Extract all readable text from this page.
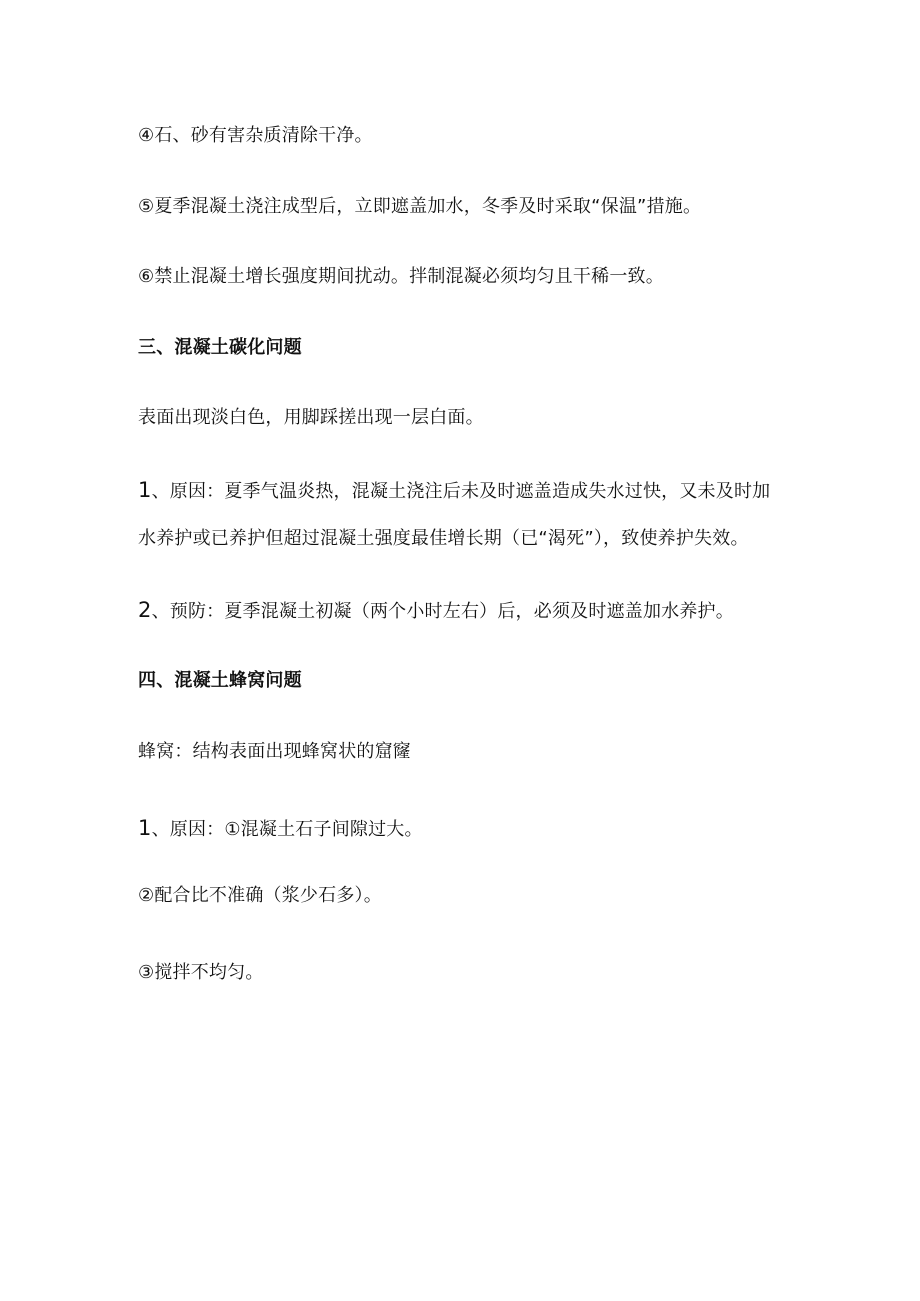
④石、砂有害杂质清除干净。

⑤夏季混凝土浇注成型后，立即遮盖加水，冬季及时采取“保温”措施。

⑥禁止混凝土增长强度期间扰动。拌制混凝必须均匀且干稀一致。

三、混凝土碳化问题

表面出现淡白色，用脚踩搓出现一层白面。

1、原因：夏季气温炎热，混凝土浇注后未及时遮盖造成失水过快，又未及时加

水养护或已养护但超过混凝土强度最佳增长期（已“渴死”），致使养护失效。

2、预防：夏季混凝土初凝（两个小时左右）后，必须及时遮盖加水养护。

四、混凝土蜂窝问题

蜂窝：结构表面出现蜂窝状的窟窿

1、原因：①混凝土石子间隙过大。

②配合比不准确（浆少石多）。

③搅拌不均匀。
